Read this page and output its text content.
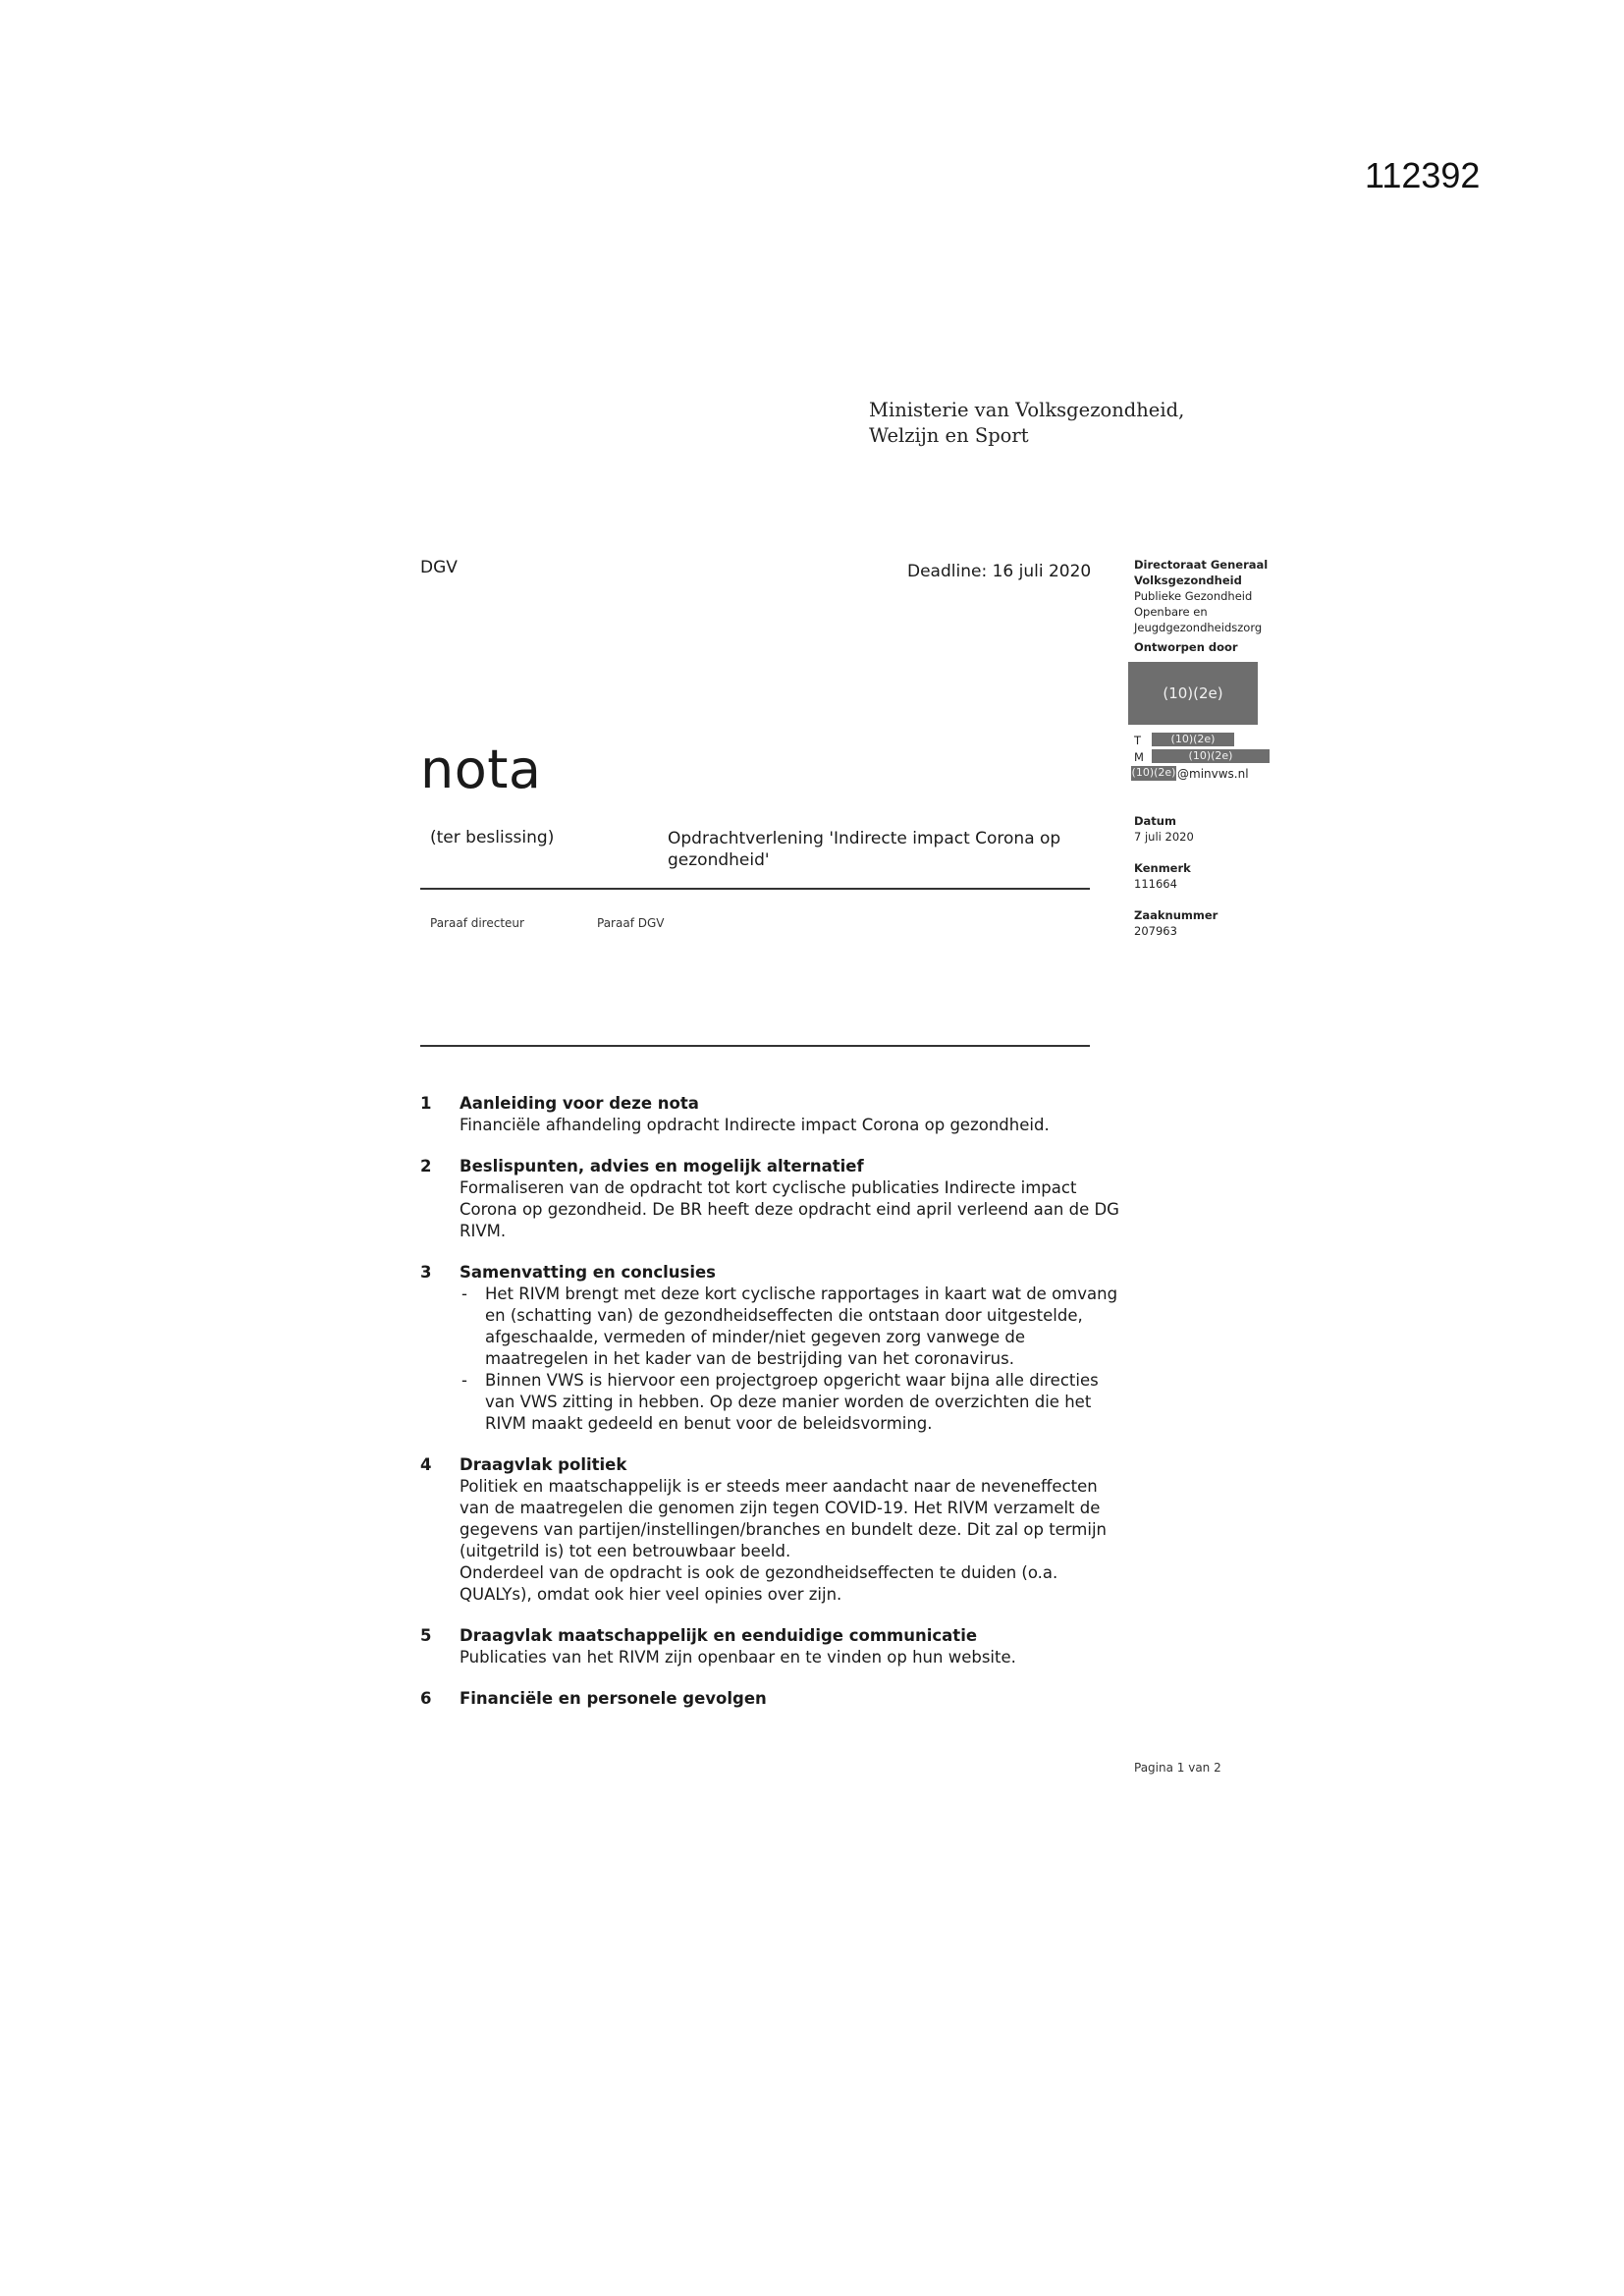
112392
Ministerie van Volksgezondheid,
Welzijn en Sport
DGV	Deadline: 16 juli 2020
nota
(ter beslissing)	Opdrachtverlening 'Indirecte impact Corona op gezondheid'
Paraaf directeur	Paraaf DGV
Directoraat Generaal
Volksgezondheid
Publieke Gezondheid
Openbare en
Jeugdgezondheidszorg
Ontworpen door
(10)(2e)
T	(10)(2e)
M	(10)(2e)
(10)(2e) @minvws.nl
Datum
7 juli 2020
Kenmerk
111664
Zaaknummer
207963
1 Aanleiding voor deze nota

Financiële afhandeling opdracht Indirecte impact Corona op gezondheid.

2 Beslispunten, advies en mogelijk alternatief

Formaliseren van de opdracht tot kort cyclische publicaties Indirecte impact Corona op gezondheid. De BR heeft deze opdracht eind april verleend aan de DG RIVM.

3 Samenvatting en conclusies
- Het RIVM brengt met deze kort cyclische rapportages in kaart wat de omvang en (schatting van) de gezondheidseffecten die ontstaan door uitgestelde, afgeschaalde, vermeden of minder/niet gegeven zorg vanwege de maatregelen in het kader van de bestrijding van het coronavirus.
- Binnen VWS is hiervoor een projectgroep opgericht waar bijna alle directies van VWS zitting in hebben. Op deze manier worden de overzichten die het RIVM maakt gedeeld en benut voor de beleidsvorming.
4 Draagvlak politiek

Politiek en maatschappelijk is er steeds meer aandacht naar de neveneffecten van de maatregelen die genomen zijn tegen COVID-19. Het RIVM verzamelt de gegevens van partijen/instellingen/branches en bundelt deze. Dit zal op termijn (uitgetrild is) tot een betrouwbaar beeld.

Onderdeel van de opdracht is ook de gezondheidseffecten te duiden (o.a. QUALYs), omdat ook hier veel opinies over zijn.

5 Draagvlak maatschappelijk en eenduidige communicatie

Publicaties van het RIVM zijn openbaar en te vinden op hun website.

6 Financiële en personele gevolgen
Pagina 1 van 2
